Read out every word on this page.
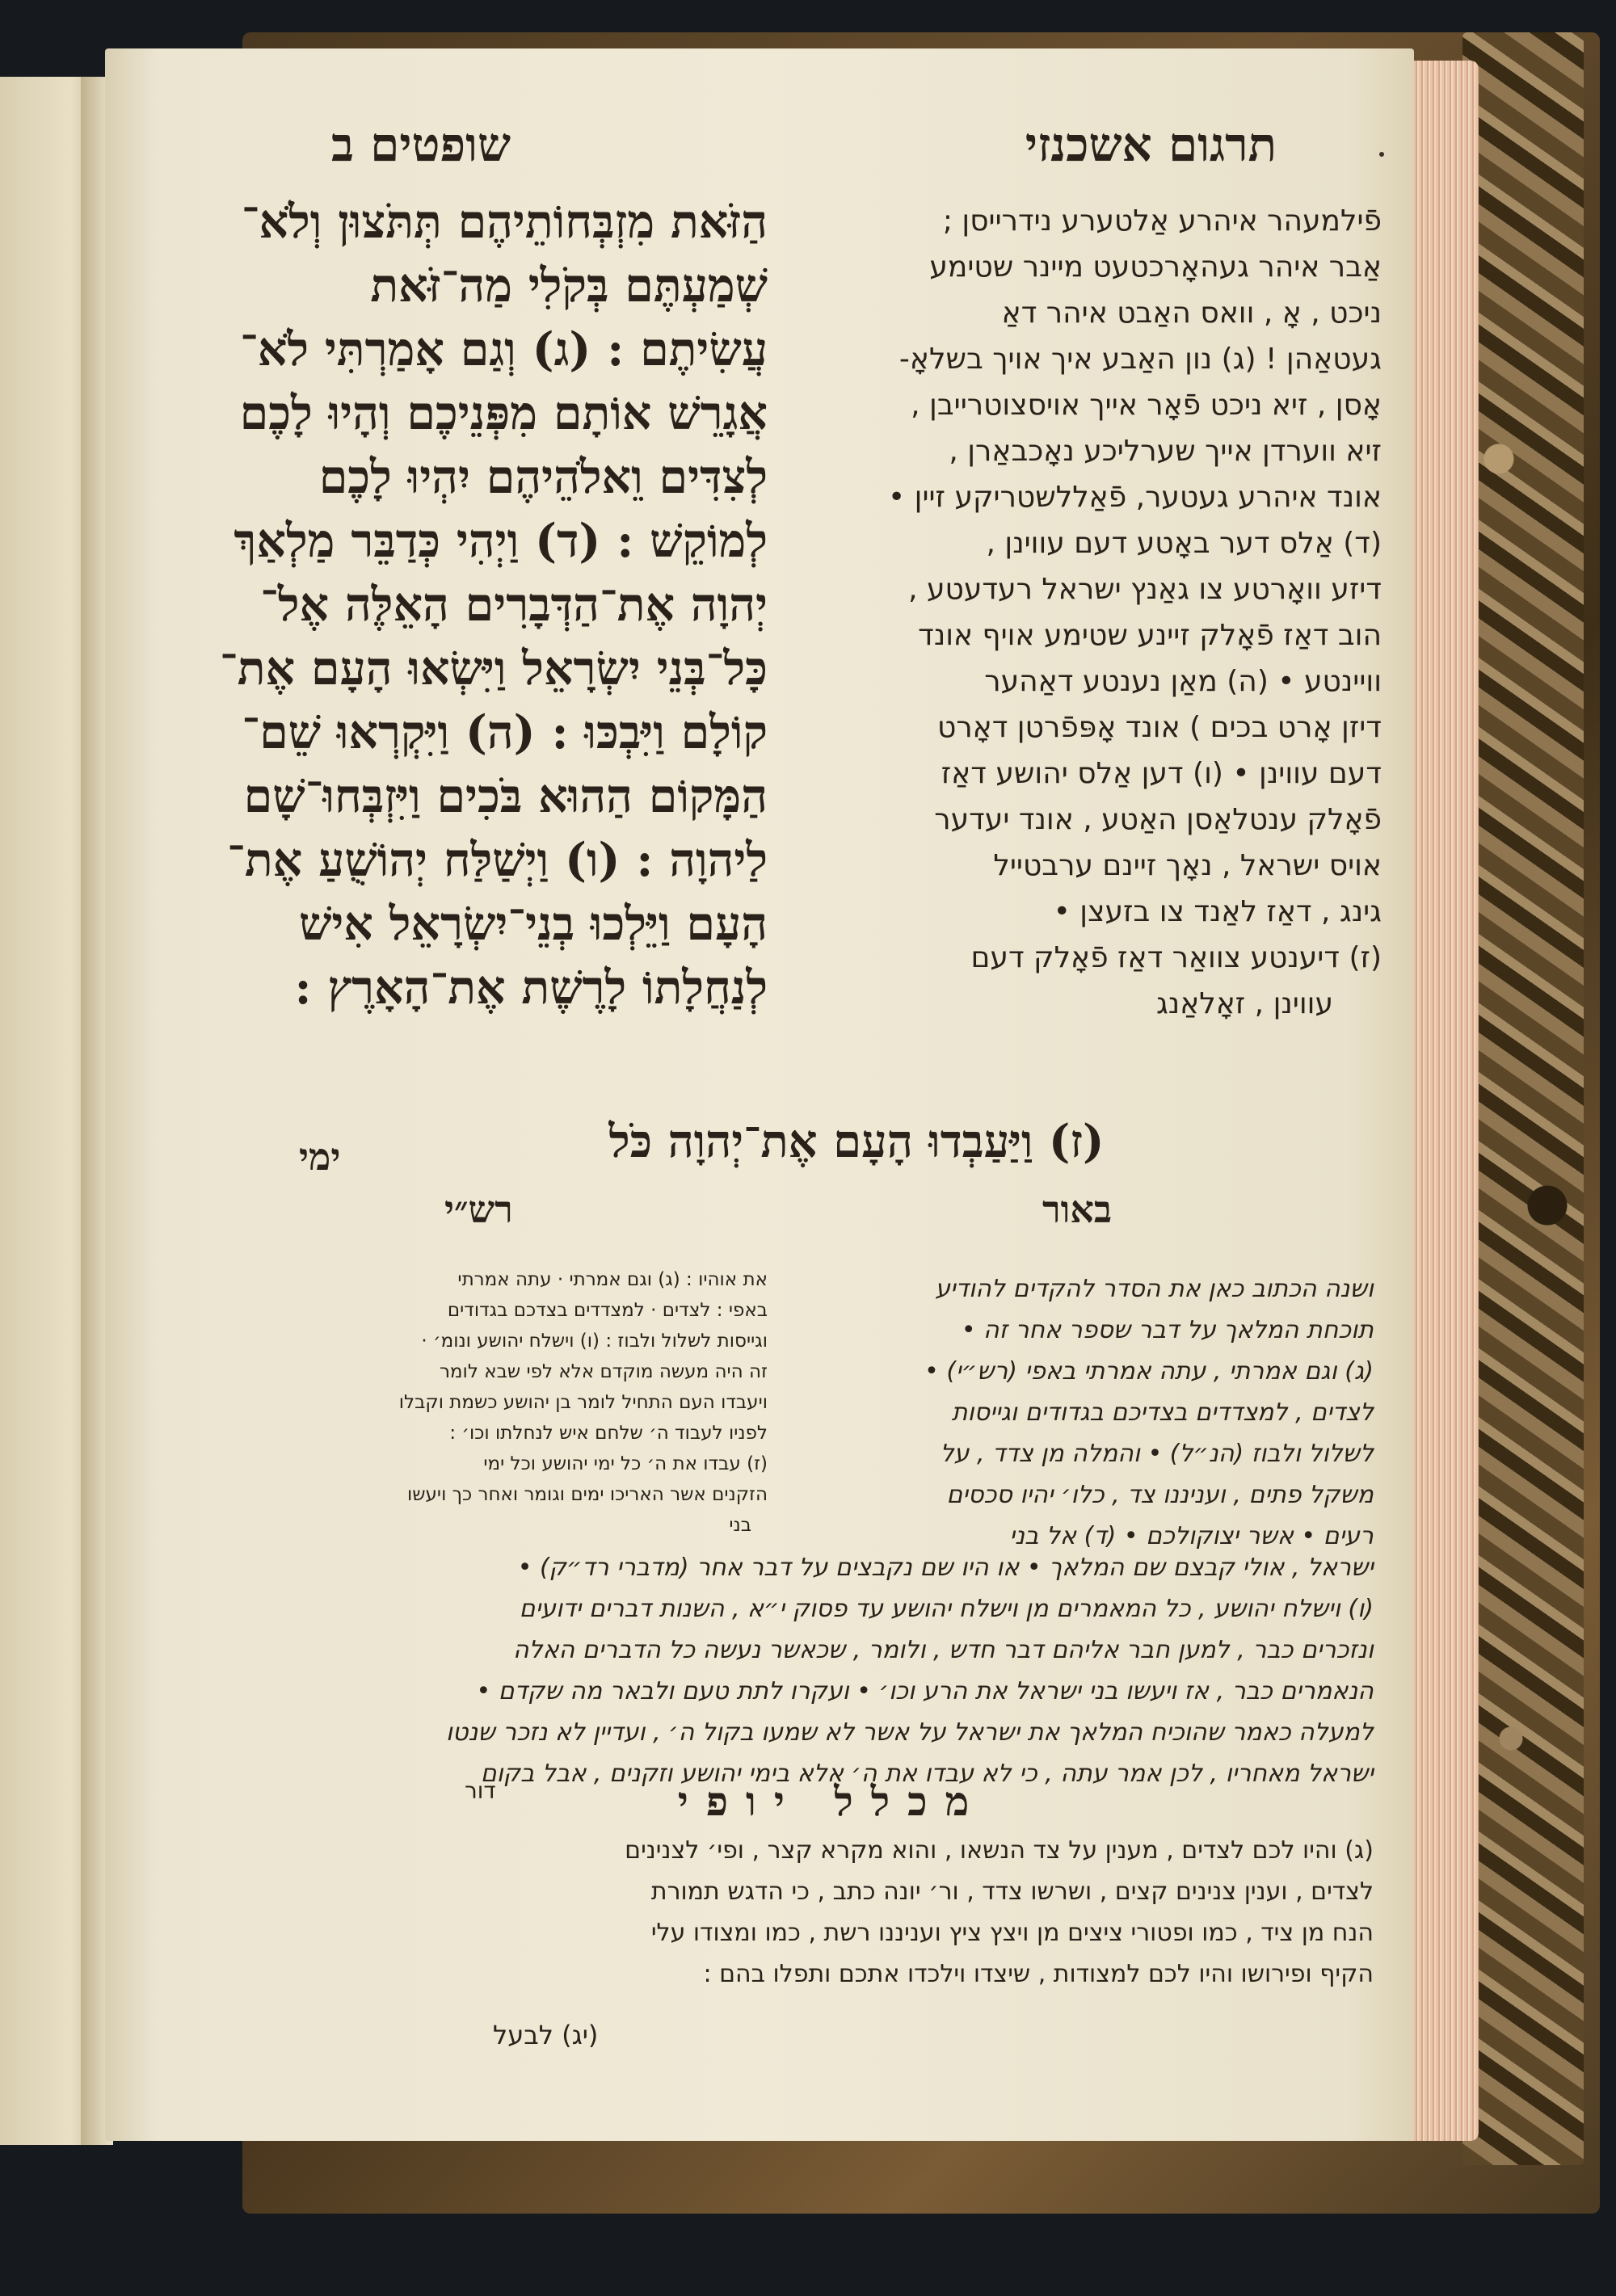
תרגום אשכנזי
שופטים ב

פֿילמעהר איהרע אַלטערע נידרייסן ;

אַבר איהר געהאָרכטעט מיינר שטימע

ניכט , אָ , וואס האַבט איהר דאַ

געטאַהן ! (ג) נון האַבע איך אויך בשלאָ-

אָסן , זיא ניכט פֿאָר אייך אויסצוטרייבן ,

זיא ווערדן אייך שערליכע נאָכבאַרן ,

אונד איהרע געטער, פֿאַללשטריקע זיין •

(ד) אַלס דער באָטע דעם עווינן ,

דיזע וואָרטע צו גאַנץ ישראל רעדעטע ,

הוב דאַז פֿאָלק זיינע שטימע אויף אונד

וויינטע • (ה) מאַן נענטע דאַהער

דיזן אָרט בכים ) אונד אָפּפֿרטן דאָרט

דעם עווינן • (ו) דען אַלס יהושע דאַז

פֿאָלק ענטלאַסן האַטע , אונד יעדער

אויס ישראל , נאָך זיינם ערבטייל

גינג , דאַז לאַנד צו בזעצן •

(ז) דיענטע צוואַר דאַז פֿאָלק דעם

עווינן , זאָלאַנג

הַזֹּאת מִזְבְּחוֹתֵיהֶם תְּתֹּצוּן וְלֹא־

שְׁמַעְתֶּם בְּקֹלִי מַה־זֹּאת

עֲשִׂיתֶם : (ג) וְגַם אָמַרְתִּי לֹא־

אֲגָרֵשׁ אוֹתָם מִפְּנֵיכֶם וְהָיוּ לָכֶם

לְצִדִּים וֵאלֹהֵיהֶם יִהְיוּ לָכֶם

לְמוֹקֵשׁ : (ד) וַיְהִי כְּדַבֵּר מַלְאַךְ

יְהוָה אֶת־הַדְּבָרִים הָאֵלֶּה אֶל־

כָּל־בְּנֵי יִשְׂרָאֵל וַיִּשְׂאוּ הָעָם אֶת־

קוֹלָם וַיִּבְכּוּ : (ה) וַיִּקְרְאוּ שֵׁם־

הַמָּקוֹם הַהוּא בֹּכִים וַיִּזְבְּחוּ־שָׁם

לַיהוָה : (ו) וַיְשַׁלַּח יְהוֹשֻׁעַ אֶת־

הָעָם וַיֵּלְכוּ בְנֵי־יִשְׂרָאֵל אִישׁ

לְנַחֲלָתוֹ לָרֶשֶׁת אֶת־הָאָרֶץ :

(ז) וַיַּעַבְדוּ הָעָם אֶת־יְהוָה כֹּל
ימי
באור
רש״י
ושנה הכתוב כאן את הסדר להקדים להודיע
תוכחת המלאך על דבר שספר אחר זה •
(ג) וגם אמרתי , עתה אמרתי באפי (רש״י) •
לצדים , למצדדים בצדיכם בגדודים וגייסות
לשלול ולבוז (הנ״ל) • והמלה מן צדד , על
משקל פתים , ועניננו צד , כלו׳ יהיו סכסים
רעים • אשר יצוקולכם • (ד) אל בני
את אוהיו : (ג) וגם אמרתי · עתה אמרתי
באפי : לצדים · למצדדים בצדכם בגדודים
וגייסות לשלול ולבוז : (ו) וישלח יהושע ונומ׳ ·
זה היה מעשה מוקדם אלא לפי שבא לומר
ויעבדו העם התחיל לומר בן יהושע כשמת וקבלו
לפניו לעבוד ה׳ שלחם איש לנחלתו וכו׳ :
(ז) עבדו את ה׳ כל ימי יהושע וכל ימי
הזקנים אשר האריכו ימים וגומר ואחר כך ויעשו
בני
ישראל , אולי קבצם שם המלאך • או היו שם נקבצים על דבר אחר (מדברי רד״ק) •
(ו) וישלח יהושע , כל המאמרים מן וישלח יהושע עד פסוק י״א , השנות דברים ידועים
ונזכרים כבר , למען חבר אליהם דבר חדש , ולומר , שכאשר נעשה כל הדברים האלה
הנאמרים כבר , אז ויעשו בני ישראל את הרע וכו׳ • ועקרו לתת טעם ולבאר מה שקדם •
למעלה כאמר שהוכיח המלאך את ישראל על אשר לא שמעו בקול ה׳ , ועדיין לא נזכר שנטו
ישראל מאחריו , לכן אמר עתה , כי לא עבדו את ה׳ אלא בימי יהושע וזקנים , אבל בקום
מכלל יופי
דור
(ג) והיו לכם לצדים , מענין על צד הנשאו , והוא מקרא קצר , ופי׳ לצנינים
לצדים , וענין צנינים קצים , ושרשו צדד , ור׳ יונה כתב , כי הדגש תמורת
הנח מן ציד , כמו ופטורי ציצים מן ויצץ ציץ ועניננו רשת , כמו ומצודו עלי
הקיף ופירושו והיו לכם למצודות , שיצדו וילכדו אתכם ותפלו בהם :
(יג) לבעל
